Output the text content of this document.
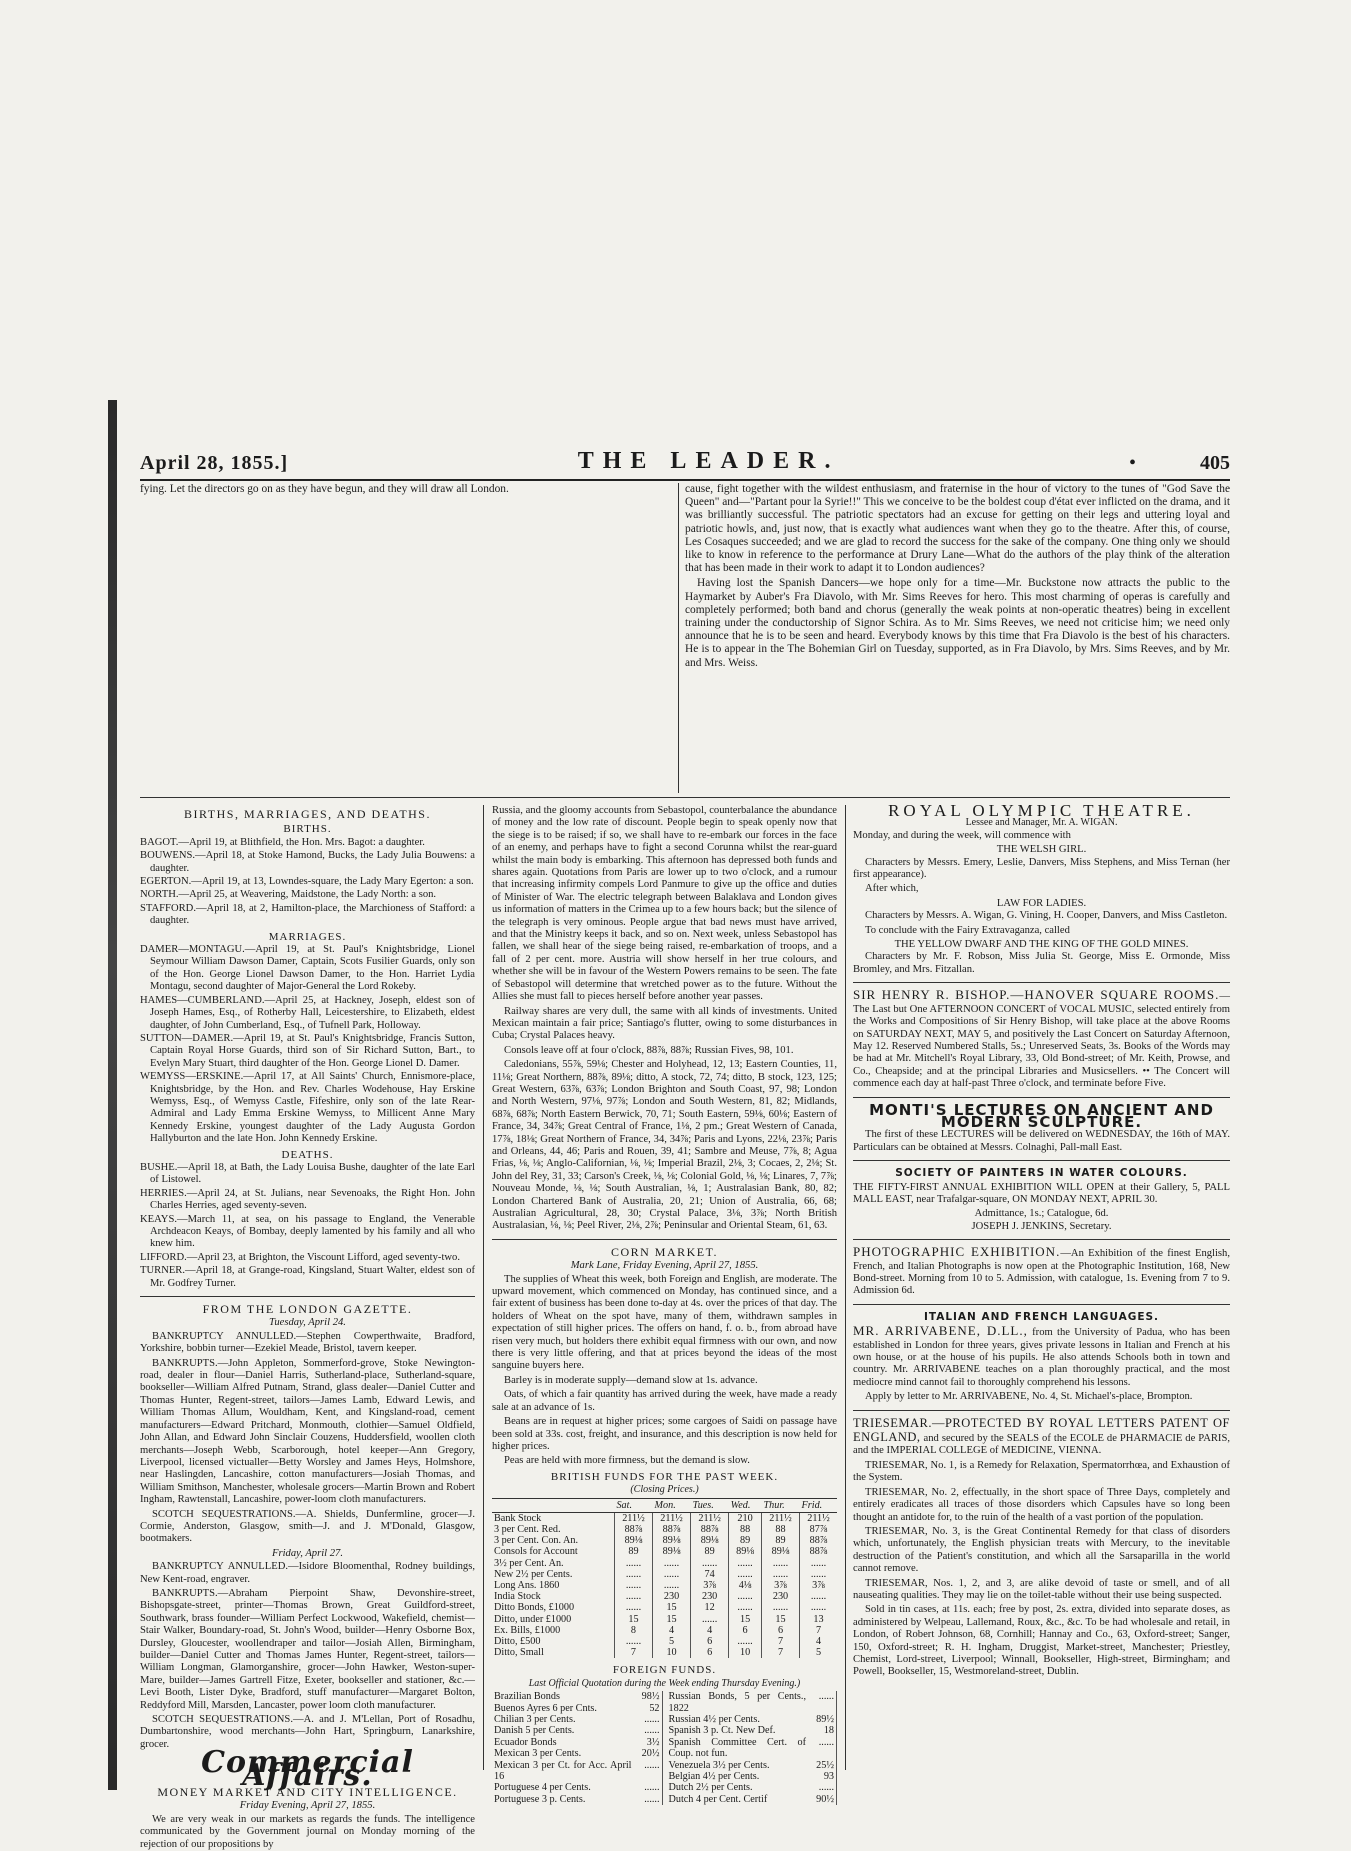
April 28, 1855.]	THE LEADER.	•	405

fying. Let the directors go on as they have begun, and they will draw all London.	cause, fight together with the wildest enthusiasm, and fraternise in the hour of victory to the tunes of "God Save the Queen" and—"Partant pour la Syrie!!" This we conceive to be the boldest coup d'état ever inflicted on the drama, and it was brilliantly successful. The patriotic spectators had an excuse for getting on their legs and uttering loyal and patriotic howls, and, just now, that is exactly what audiences want when they go to the theatre. After this, of course, Les Cosaques succeeded; and we are glad to record the success for the sake of the company. One thing only we should like to know in reference to the performance at Drury Lane—What do the authors of the play think of the alteration that has been made in their work to adapt it to London audiences?

Having lost the Spanish Dancers—we hope only for a time—Mr. Buckstone now attracts the public to the Haymarket by Auber's Fra Diavolo, with Mr. Sims Reeves for hero. This most charming of operas is carefully and completely performed; both band and chorus (generally the weak points at non-operatic theatres) being in excellent training under the conductorship of Signor Schira. As to Mr. Sims Reeves, we need not criticise him; we need only announce that he is to be seen and heard. Everybody knows by this time that Fra Diavolo is the best of his characters. He is to appear in the The Bohemian Girl on Tuesday, supported, as in Fra Diavolo, by Mrs. Sims Reeves, and by Mr. and Mrs. Weiss.

BIRTHS, MARRIAGES, AND DEATHS.
BIRTHS.
BAGOT.—April 19, at Blithfield, the Hon. Mrs. Bagot: a daughter.
BOUWENS.—April 18, at Stoke Hamond, Bucks, the Lady Julia Bouwens: a daughter.
EGERTON.—April 19, at 13, Lowndes-square, the Lady Mary Egerton: a son.
NORTH.—April 25, at Weavering, Maidstone, the Lady North: a son.
STAFFORD.—April 18, at 2, Hamilton-place, the Marchioness of Stafford: a daughter.
MARRIAGES.
DAMER—MONTAGU.—April 19, at St. Paul's Knightsbridge, Lionel Seymour William Dawson Damer, Captain, Scots Fusilier Guards, only son of the Hon. George Lionel Dawson Damer, to the Hon. Harriet Lydia Montagu, second daughter of Major-General the Lord Rokeby.
HAMES—CUMBERLAND.—April 25, at Hackney, Joseph, eldest son of Joseph Hames, Esq., of Rotherby Hall, Leicestershire, to Elizabeth, eldest daughter, of John Cumberland, Esq., of Tufnell Park, Holloway.
SUTTON—DAMER.—April 19, at St. Paul's Knightsbridge, Francis Sutton, Captain Royal Horse Guards, third son of Sir Richard Sutton, Bart., to Evelyn Mary Stuart, third daughter of the Hon. George Lionel D. Damer.
WEMYSS—ERSKINE.—April 17, at All Saints' Church, Ennismore-place, Knightsbridge, by the Hon. and Rev. Charles Wodehouse, Hay Erskine Wemyss, Esq., of Wemyss Castle, Fifeshire, only son of the late Rear-Admiral and Lady Emma Erskine Wemyss, to Millicent Anne Mary Kennedy Erskine, youngest daughter of the Lady Augusta Gordon Hallyburton and the late Hon. John Kennedy Erskine.
DEATHS.
BUSHE.—April 18, at Bath, the Lady Louisa Bushe, daughter of the late Earl of Listowel.
HERRIES.—April 24, at St. Julians, near Sevenoaks, the Right Hon. John Charles Herries, aged seventy-seven.
KEAYS.—March 11, at sea, on his passage to England, the Venerable Archdeacon Keays, of Bombay, deeply lamented by his family and all who knew him.
LIFFORD.—April 23, at Brighton, the Viscount Lifford, aged seventy-two.
TURNER.—April 18, at Grange-road, Kingsland, Stuart Walter, eldest son of Mr. Godfrey Turner.
FROM THE LONDON GAZETTE.
Tuesday, April 24.

BANKRUPTCY ANNULLED.—Stephen Cowperthwaite, Bradford, Yorkshire, bobbin turner—Ezekiel Meade, Bristol, tavern keeper.

BANKRUPTS.—John Appleton, Sommerford-grove, Stoke Newington-road, dealer in flour—Daniel Harris, Sutherland-place, Sutherland-square, bookseller—William Alfred Putnam, Strand, glass dealer—Daniel Cutter and Thomas Hunter, Regent-street, tailors—James Lamb, Edward Lewis, and William Thomas Allum, Wouldham, Kent, and Kingsland-road, cement manufacturers—Edward Pritchard, Monmouth, clothier—Samuel Oldfield, John Allan, and Edward John Sinclair Couzens, Huddersfield, woollen cloth merchants—Joseph Webb, Scarborough, hotel keeper—Ann Gregory, Liverpool, licensed victualler—Betty Worsley and James Heys, Holmshore, near Haslingden, Lancashire, cotton manufacturers—Josiah Thomas, and William Smithson, Manchester, wholesale grocers—Martin Brown and Robert Ingham, Rawtenstall, Lancashire, power-loom cloth manufacturers.

SCOTCH SEQUESTRATIONS.—A. Shields, Dunfermline, grocer—J. Cormie, Anderston, Glasgow, smith—J. and J. M'Donald, Glasgow, bootmakers.

Friday, April 27.

BANKRUPTCY ANNULLED.—Isidore Bloomenthal, Rodney buildings, New Kent-road, engraver.

BANKRUPTS.—Abraham Pierpoint Shaw, Devonshire-street, Bishopsgate-street, printer—Thomas Brown, Great Guildford-street, Southwark, brass founder—William Perfect Lockwood, Wakefield, chemist—Stair Walker, Boundary-road, St. John's Wood, builder—Henry Osborne Box, Dursley, Gloucester, woollendraper and tailor—Josiah Allen, Birmingham, builder—Daniel Cutter and Thomas James Hunter, Regent-street, tailors—William Longman, Glamorganshire, grocer—John Hawker, Weston-super-Mare, builder—James Gartrell Fitze, Exeter, bookseller and stationer, &c.—Levi Booth, Lister Dyke, Bradford, stuff manufacturer—Margaret Bolton, Reddyford Mill, Marsden, Lancaster, power loom cloth manufacturer.

SCOTCH SEQUESTRATIONS.—A. and J. M'Lellan, Port of Rosadhu, Dumbartonshire, wood merchants—John Hart, Springburn, Lanarkshire, grocer.

Commercial Affairs.
MONEY MARKET AND CITY INTELLIGENCE.
Friday Evening, April 27, 1855.

We are very weak in our markets as regards the funds. The intelligence communicated by the Government journal on Monday morning of the rejection of our propositions by

Russia, and the gloomy accounts from Sebastopol, counterbalance the abundance of money and the low rate of discount. People begin to speak openly now that the siege is to be raised; if so, we shall have to re-embark our forces in the face of an enemy, and perhaps have to fight a second Corunna whilst the rear-guard whilst the main body is embarking. This afternoon has depressed both funds and shares again. Quotations from Paris are lower up to two o'clock, and a rumour that increasing infirmity compels Lord Panmure to give up the office and duties of Minister of War. The electric telegraph between Balaklava and London gives us information of matters in the Crimea up to a few hours back; but the silence of the telegraph is very ominous. People argue that bad news must have arrived, and that the Ministry keeps it back, and so on. Next week, unless Sebastopol has fallen, we shall hear of the siege being raised, re-embarkation of troops, and a fall of 2 per cent. more. Austria will show herself in her true colours, and whether she will be in favour of the Western Powers remains to be seen. The fate of Sebastopol will determine that wretched power as to the future. Without the Allies she must fall to pieces herself before another year passes.

Railway shares are very dull, the same with all kinds of investments. United Mexican maintain a fair price; Santiago's flutter, owing to some disturbances in Cuba; Crystal Palaces heavy.

Consols leave off at four o'clock, 88⅞, 88⅞; Russian Fives, 98, 101.

Caledonians, 55⅞, 59⅛; Chester and Holyhead, 12, 13; Eastern Counties, 11, 11⅛; Great Northern, 88⅞, 89⅛; ditto, A stock, 72, 74; ditto, B stock, 123, 125; Great Western, 63⅞, 63⅞; London Brighton and South Coast, 97, 98; London and North Western, 97⅛, 97⅞; London and South Western, 81, 82; Midlands, 68⅞, 68⅞; North Eastern Berwick, 70, 71; South Eastern, 59⅛, 60⅛; Eastern of France, 34, 34⅞; Great Central of France, 1⅛, 2 pm.; Great Western of Canada, 17⅞, 18⅛; Great Northern of France, 34, 34⅞; Paris and Lyons, 22⅛, 23⅞; Paris and Orleans, 44, 46; Paris and Rouen, 39, 41; Sambre and Meuse, 7⅞, 8; Agua Frias, ⅛, ⅛; Anglo-Californian, ⅛, ⅛; Imperial Brazil, 2⅛, 3; Cocaes, 2, 2⅛; St. John del Rey, 31, 33; Carson's Creek, ⅛, ⅛; Colonial Gold, ⅛, ⅛; Linares, 7, 7⅞; Nouveau Monde, ⅛, ⅛; South Australian, ⅛, 1; Australasian Bank, 80, 82; London Chartered Bank of Australia, 20, 21; Union of Australia, 66, 68; Australian Agricultural, 28, 30; Crystal Palace, 3⅛, 3⅞; North British Australasian, ⅛, ⅛; Peel River, 2⅛, 2⅞; Peninsular and Oriental Steam, 61, 63.

CORN MARKET.
Mark Lane, Friday Evening, April 27, 1855.

The supplies of Wheat this week, both Foreign and English, are moderate. The upward movement, which commenced on Monday, has continued since, and a fair extent of business has been done to-day at 4s. over the prices of that day. The holders of Wheat on the spot have, many of them, withdrawn samples in expectation of still higher prices. The offers on hand, f. o. b., from abroad have risen very much, but holders there exhibit equal firmness with our own, and now there is very little offering, and that at prices beyond the ideas of the most sanguine buyers here.

Barley is in moderate supply—demand slow at 1s. advance.

Oats, of which a fair quantity has arrived during the week, have made a ready sale at an advance of 1s.

Beans are in request at higher prices; some cargoes of Saidi on passage have been sold at 33s. cost, freight, and insurance, and this description is now held for higher prices.

Peas are held with more firmness, but the demand is slow.

BRITISH FUNDS FOR THE PAST WEEK.
(Closing Prices.)
	Sat.	Mon.	Tues.	Wed.	Thur.	Frid.
Bank Stock	211½	211½	211½	210	211½	211½
3 per Cent. Red.	88⅞	88⅞	88⅞	88	88	87⅞
3 per Cent. Con. An.	89⅛	89⅛	89⅛	89	89	88⅞
Consols for Account	89	89⅛	89	89⅛	89⅛	88⅞
3½ per Cent. An.	......	......	......	......	......	......
New 2½ per Cents.	......	......	74	......	......	......
Long Ans. 1860	......	......	3⅞	4⅛	3⅞	3⅞
India Stock	......	230	230	......	230	......
Ditto Bonds, £1000	......	15	12	......	......	......
Ditto, under £1000	15	15	......	15	15	13
Ex. Bills, £1000	8	4	4	6	6	7
Ditto, £500	......	5	6	......	7	4
Ditto, Small	7	10	6	10	7	5
FOREIGN FUNDS.
Last Official Quotation during the Week ending Thursday Evening.)
Brazilian Bonds	98½
Buenos Ayres 6 per Cnts.	52
Chilian 3 per Cents.	......
Danish 5 per Cents.	......
Ecuador Bonds	3½
Mexican 3 per Cents.	20½
Mexican 3 per Ct. for Acc. April 16	......
Portuguese 4 per Cents.	......
Portuguese 3 p. Cents.	......
Russian Bonds, 5 per Cents., 1822	......
Russian 4½ per Cents.	89½
Spanish 3 p. Ct. New Def.	18
Spanish Committee Cert. of Coup. not fun.	......
Venezuela 3½ per Cents.	25½
Belgian 4½ per Cents.	93
Dutch 2½ per Cents.	......
Dutch 4 per Cent. Certif	90½
ROYAL OLYMPIC THEATRE.
Lessee and Manager, Mr. A. WIGAN.

Monday, and during the week, will commence with

THE WELSH GIRL.

Characters by Messrs. Emery, Leslie, Danvers, Miss Stephens, and Miss Ternan (her first appearance).

After which,

LAW FOR LADIES.

Characters by Messrs. A. Wigan, G. Vining, H. Cooper, Danvers, and Miss Castleton.

To conclude with the Fairy Extravaganza, called

THE YELLOW DWARF AND THE KING OF THE GOLD MINES.

Characters by Mr. F. Robson, Miss Julia St. George, Miss E. Ormonde, Miss Bromley, and Mrs. Fitzallan.

SIR HENRY R. BISHOP.—HANOVER SQUARE ROOMS.—The Last but One AFTERNOON CONCERT of VOCAL MUSIC, selected entirely from the Works and Compositions of Sir Henry Bishop, will take place at the above Rooms on SATURDAY NEXT, MAY 5, and positively the Last Concert on Saturday Afternoon, May 12. Reserved Numbered Stalls, 5s.; Unreserved Seats, 3s. Books of the Words may be had at Mr. Mitchell's Royal Library, 33, Old Bond-street; of Mr. Keith, Prowse, and Co., Cheapside; and at the principal Libraries and Musicsellers. •• The Concert will commence each day at half-past Three o'clock, and terminate before Five.

MONTI'S LECTURES ON ANCIENT AND MODERN SCULPTURE.

The first of these LECTURES will be delivered on WEDNESDAY, the 16th of MAY. Particulars can be obtained at Messrs. Colnaghi, Pall-mall East.

SOCIETY OF PAINTERS IN WATER COLOURS.

THE FIFTY-FIRST ANNUAL EXHIBITION WILL OPEN at their Gallery, 5, PALL MALL EAST, near Trafalgar-square, ON MONDAY NEXT, APRIL 30.

Admittance, 1s.; Catalogue, 6d.
JOSEPH J. JENKINS, Secretary.

PHOTOGRAPHIC EXHIBITION.—An Exhibition of the finest English, French, and Italian Photographs is now open at the Photographic Institution, 168, New Bond-street. Morning from 10 to 5. Admission, with catalogue, 1s. Evening from 7 to 9. Admission 6d.

ITALIAN AND FRENCH LANGUAGES.

MR. ARRIVABENE, D.LL., from the University of Padua, who has been established in London for three years, gives private lessons in Italian and French at his own house, or at the house of his pupils. He also attends Schools both in town and country. Mr. ARRIVABENE teaches on a plan thoroughly practical, and the most mediocre mind cannot fail to thoroughly comprehend his lessons.

Apply by letter to Mr. ARRIVABENE, No. 4, St. Michael's-place, Brompton.

TRIESEMAR.—PROTECTED BY ROYAL LETTERS PATENT OF ENGLAND, and secured by the SEALS of the ECOLE de PHARMACIE de PARIS, and the IMPERIAL COLLEGE of MEDICINE, VIENNA.

TRIESEMAR, No. 1, is a Remedy for Relaxation, Spermatorrhœa, and Exhaustion of the System.

TRIESEMAR, No. 2, effectually, in the short space of Three Days, completely and entirely eradicates all traces of those disorders which Capsules have so long been thought an antidote for, to the ruin of the health of a vast portion of the population.

TRIESEMAR, No. 3, is the Great Continental Remedy for that class of disorders which, unfortunately, the English physician treats with Mercury, to the inevitable destruction of the Patient's constitution, and which all the Sarsaparilla in the world cannot remove.

TRIESEMAR, Nos. 1, 2, and 3, are alike devoid of taste or smell, and of all nauseating qualities. They may lie on the toilet-table without their use being suspected.

Sold in tin cases, at 11s. each; free by post, 2s. extra, divided into separate doses, as administered by Welpeau, Lallemand, Roux, &c., &c. To be had wholesale and retail, in London, of Robert Johnson, 68, Cornhill; Hannay and Co., 63, Oxford-street; Sanger, 150, Oxford-street; R. H. Ingham, Druggist, Market-street, Manchester; Priestley, Chemist, Lord-street, Liverpool; Winnall, Bookseller, High-street, Birmingham; and Powell, Bookseller, 15, Westmoreland-street, Dublin.
